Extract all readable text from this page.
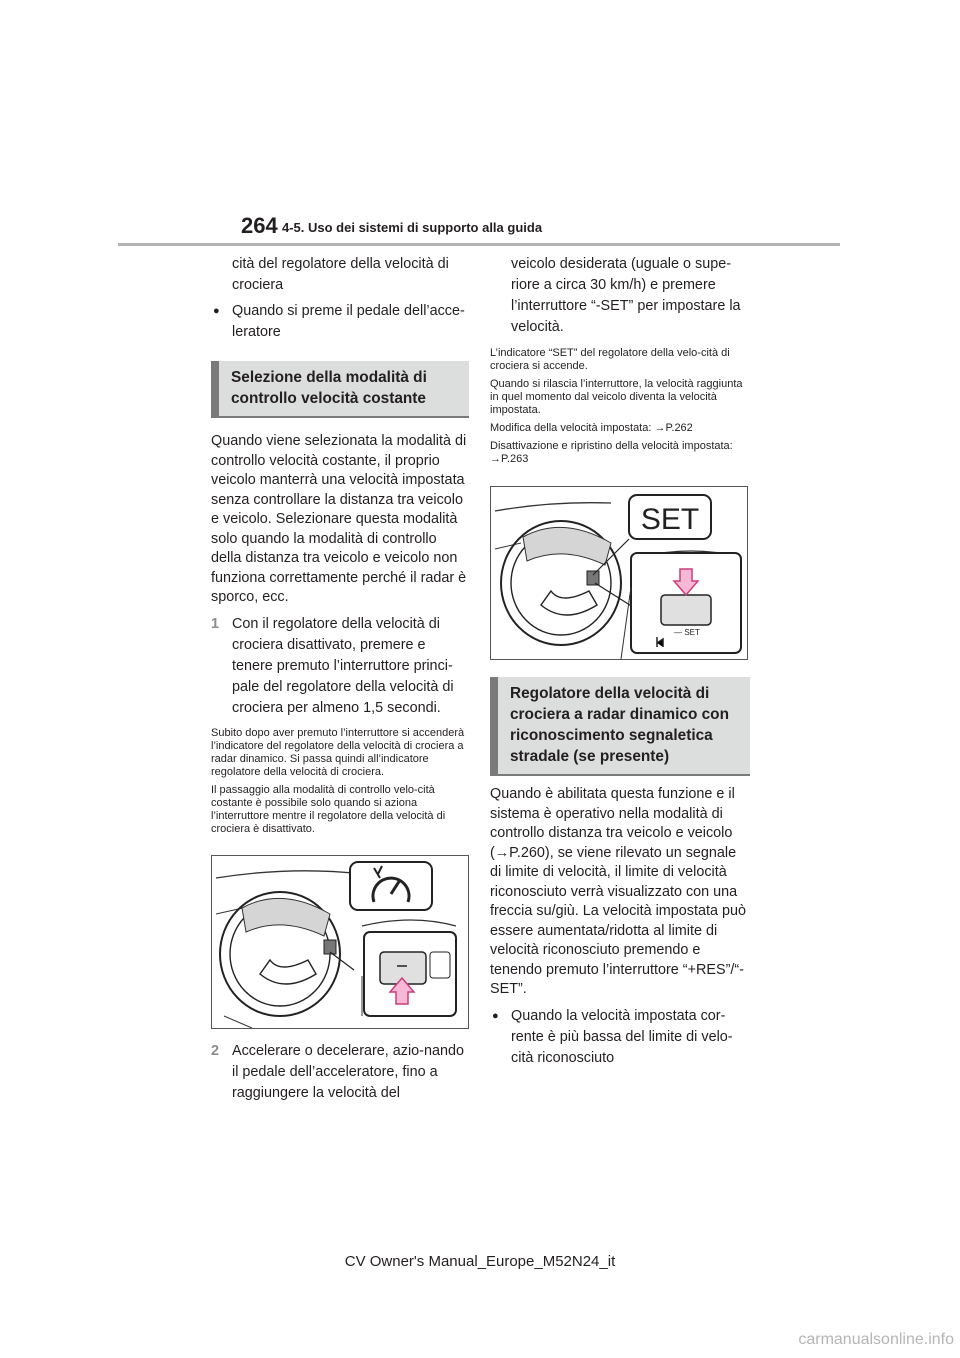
264 4-5. Uso dei sistemi di supporto alla guida

cità del regolatore della velocità di crociera

● Quando si preme il pedale dell’acce-leratore

Selezione della modalità di controllo velocità costante

Quando viene selezionata la modalità di controllo velocità costante, il proprio veicolo manterrà una velocità impostata senza controllare la distanza tra veicolo e veicolo. Selezionare questa modalità solo quando la modalità di controllo della distanza tra veicolo e veicolo non funziona correttamente perché il radar è sporco, ecc.

1 Con il regolatore della velocità di crociera disattivato, premere e tenere premuto l’interruttore princi-pale del regolatore della velocità di crociera per almeno 1,5 secondi.

Subito dopo aver premuto l’interruttore si accenderà l’indicatore del regolatore della velocità di crociera a radar dinamico. Si passa quindi all’indicatore regolatore della velocità di crociera.

Il passaggio alla modalità di controllo velo-cità costante è possibile solo quando si aziona l’interruttore mentre il regolatore della velocità di crociera è disattivato.

2 Accelerare o decelerare, azio-nando il pedale dell’acceleratore, fino a raggiungere la velocità del

veicolo desiderata (uguale o supe-riore a circa 30 km/h) e premere l’interruttore “-SET” per impostare la velocità.

L’indicatore “SET” del regolatore della velo-cità di crociera si accende.

Quando si rilascia l’interruttore, la velocità raggiunta in quel momento dal veicolo diventa la velocità impostata.

Modifica della velocità impostata: →P.262

Disattivazione e ripristino della velocità impostata: →P.263

SET
— SET
Regolatore della velocità di crociera a radar dinamico con riconoscimento segnaletica stradale (se presente)

Quando è abilitata questa funzione e il sistema è operativo nella modalità di controllo distanza tra veicolo e veicolo (→P.260), se viene rilevato un segnale di limite di velocità, il limite di velocità riconosciuto verrà visualizzato con una freccia su/giù. La velocità impostata può essere aumentata/ridotta al limite di velocità riconosciuto premendo e tenendo premuto l’interruttore “+RES”/“-SET”.

● Quando la velocità impostata cor-rente è più bassa del limite di velo-cità riconosciuto

CV Owner's Manual_Europe_M52N24_it
carmanualsonline.info
